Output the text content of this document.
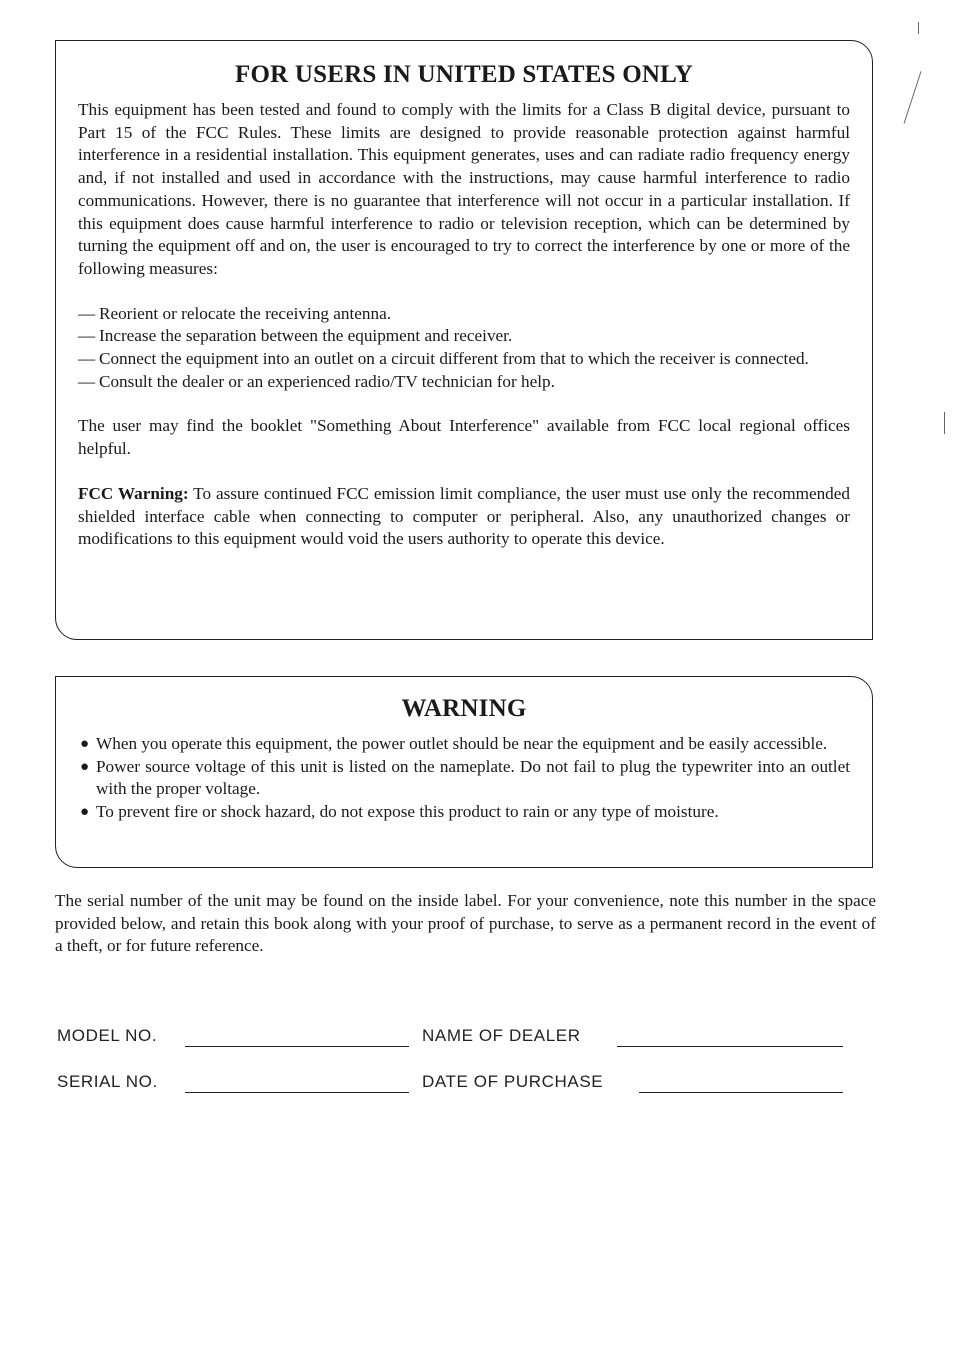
FOR USERS IN UNITED STATES ONLY

This equipment has been tested and found to comply with the limits for a Class B digital device, pursuant to Part 15 of the FCC Rules. These limits are designed to provide reasonable protection against harmful interference in a residential installation. This equipment generates, uses and can radiate radio frequency energy and, if not installed and used in accordance with the instructions, may cause harmful interference to radio communications. However, there is no guarantee that interference will not occur in a particular installation. If this equipment does cause harmful interference to radio or television reception, which can be determined by turning the equipment off and on, the user is encouraged to try to correct the interference by one or more of the following measures:

— Reorient or relocate the receiving antenna.
— Increase the separation between the equipment and receiver.
— Connect the equipment into an outlet on a circuit different from that to which the receiver is connected.
— Consult the dealer or an experienced radio/TV technician for help.

The user may find the booklet "Something About Interference" available from FCC local regional offices helpful.

FCC Warning: To assure continued FCC emission limit compliance, the user must use only the recommended shielded interface cable when connecting to computer or peripheral. Also, any unauthorized changes or modifications to this equipment would void the users authority to operate this device.

WARNING
● When you operate this equipment, the power outlet should be near the equipment and be easily accessible.
● Power source voltage of this unit is listed on the nameplate. Do not fail to plug the typewriter into an outlet with the proper voltage.
● To prevent fire or shock hazard, do not expose this product to rain or any type of moisture.

The serial number of the unit may be found on the inside label. For your convenience, note this number in the space provided below, and retain this book along with your proof of purchase, to serve as a permanent record in the event of a theft, or for future reference.

MODEL NO.	NAME OF DEALER
SERIAL NO.	DATE OF PURCHASE
